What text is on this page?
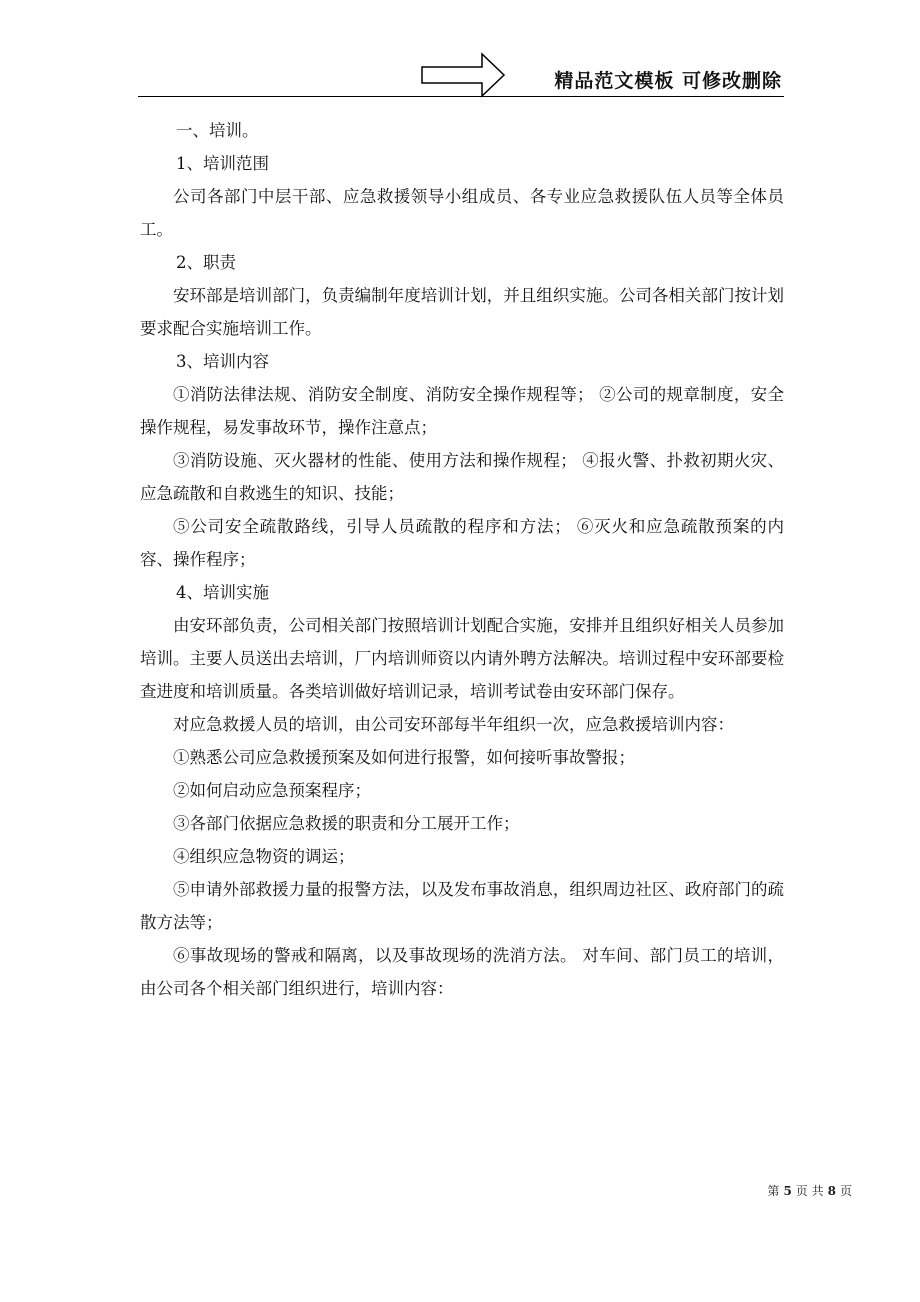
精品范文模板 可修改删除

一、培训。

1、培训范围

公司各部门中层干部、应急救援领导小组成员、各专业应急救援队伍人员等全体员工。

2、职责

安环部是培训部门，负责编制年度培训计划，并且组织实施。公司各相关部门按计划要求配合实施培训工作。

3、培训内容

①消防法律法规、消防安全制度、消防安全操作规程等； ②公司的规章制度，安全操作规程，易发事故环节，操作注意点；

③消防设施、灭火器材的性能、使用方法和操作规程； ④报火警、扑救初期火灾、应急疏散和自救逃生的知识、技能；

⑤公司安全疏散路线，引导人员疏散的程序和方法； ⑥灭火和应急疏散预案的内容、操作程序；

4、培训实施

由安环部负责，公司相关部门按照培训计划配合实施，安排并且组织好相关人员参加培训。主要人员送出去培训，厂内培训师资以内请外聘方法解决。培训过程中安环部要检查进度和培训质量。各类培训做好培训记录，培训考试卷由安环部门保存。

对应急救援人员的培训，由公司安环部每半年组织一次，应急救援培训内容：

①熟悉公司应急救援预案及如何进行报警，如何接听事故警报；

②如何启动应急预案程序；

③各部门依据应急救援的职责和分工展开工作；

④组织应急物资的调运；

⑤申请外部救援力量的报警方法，以及发布事故消息，组织周边社区、政府部门的疏散方法等；

⑥事故现场的警戒和隔离，以及事故现场的洗消方法。 对车间、部门员工的培训，由公司各个相关部门组织进行，培训内容：

第 5 页 共 8 页
